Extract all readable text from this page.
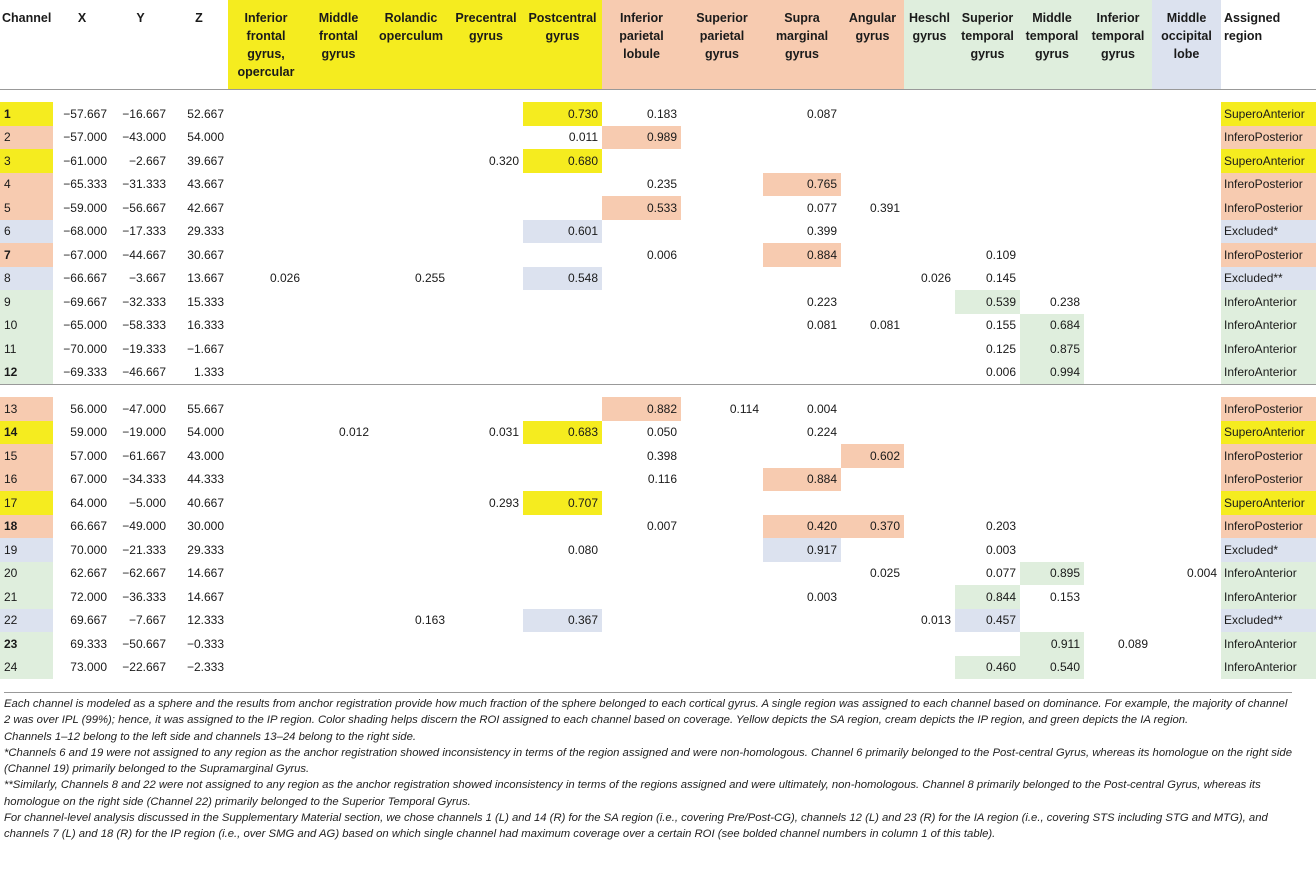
Channel	X	Y	Z	Inferior frontal gyrus, opercular	Middle frontal gyrus	Rolandic operculum	Precentral gyrus	Postcentral gyrus	Inferior parietal lobule	Superior parietal gyrus	Supra marginal gyrus	Angular gyrus	Heschl gyrus	Superior temporal gyrus	Middle temporal gyrus	Inferior temporal gyrus	Middle occipital lobe	Assigned region

1	−57.667	−16.667	52.667					0.730	0.183		0.087							SuperoAnterior
2	−57.000	−43.000	54.000					0.011	0.989									InferoPosterior
3	−61.000	−2.667	39.667				0.320	0.680										SuperoAnterior
4	−65.333	−31.333	43.667						0.235		0.765							InferoPosterior
5	−59.000	−56.667	42.667						0.533		0.077	0.391						InferoPosterior
6	−68.000	−17.333	29.333					0.601			0.399							Excluded*
7	−67.000	−44.667	30.667						0.006		0.884			0.109				InferoPosterior
8	−66.667	−3.667	13.667	0.026		0.255		0.548					0.026	0.145				Excluded**
9	−69.667	−32.333	15.333								0.223			0.539	0.238			InferoAnterior
10	−65.000	−58.333	16.333								0.081	0.081		0.155	0.684			InferoAnterior
11	−70.000	−19.333	−1.667											0.125	0.875			InferoAnterior
12	−69.333	−46.667	1.333											0.006	0.994			InferoAnterior

13	56.000	−47.000	55.667						0.882	0.114	0.004							InferoPosterior
14	59.000	−19.000	54.000		0.012		0.031	0.683	0.050		0.224							SuperoAnterior
15	57.000	−61.667	43.000						0.398			0.602						InferoPosterior
16	67.000	−34.333	44.333						0.116		0.884							InferoPosterior
17	64.000	−5.000	40.667				0.293	0.707										SuperoAnterior
18	66.667	−49.000	30.000						0.007		0.420	0.370		0.203				InferoPosterior
19	70.000	−21.333	29.333					0.080			0.917			0.003				Excluded*
20	62.667	−62.667	14.667									0.025		0.077	0.895		0.004	InferoAnterior
21	72.000	−36.333	14.667								0.003			0.844	0.153			InferoAnterior
22	69.667	−7.667	12.333			0.163		0.367					0.013	0.457				Excluded**
23	69.333	−50.667	−0.333												0.911	0.089		InferoAnterior
24	73.000	−22.667	−2.333											0.460	0.540			InferoAnterior

Each channel is modeled as a sphere and the results from anchor registration provide how much fraction of the sphere belonged to each cortical gyrus. A single region was assigned to each channel based on dominance. For example, the majority of channel 2 was over IPL (99%); hence, it was assigned to the IP region. Color shading helps discern the ROI assigned to each channel based on coverage. Yellow depicts the SA region, cream depicts the IP region, and green depicts the IA region.

Channels 1–12 belong to the left side and channels 13–24 belong to the right side.

*Channels 6 and 19 were not assigned to any region as the anchor registration showed inconsistency in terms of the region assigned and were non-homologous. Channel 6 primarily belonged to the Post-central Gyrus, whereas its homologue on the right side (Channel 19) primarily belonged to the Supramarginal Gyrus.

**Similarly, Channels 8 and 22 were not assigned to any region as the anchor registration showed inconsistency in terms of the regions assigned and were ultimately, non-homologous. Channel 8 primarily belonged to the Post-central Gyrus, whereas its homologue on the right side (Channel 22) primarily belonged to the Superior Temporal Gyrus.

For channel-level analysis discussed in the Supplementary Material section, we chose channels 1 (L) and 14 (R) for the SA region (i.e., covering Pre/Post-CG), channels 12 (L) and 23 (R) for the IA region (i.e., covering STS including STG and MTG), and channels 7 (L) and 18 (R) for the IP region (i.e., over SMG and AG) based on which single channel had maximum coverage over a certain ROI (see bolded channel numbers in column 1 of this table).
